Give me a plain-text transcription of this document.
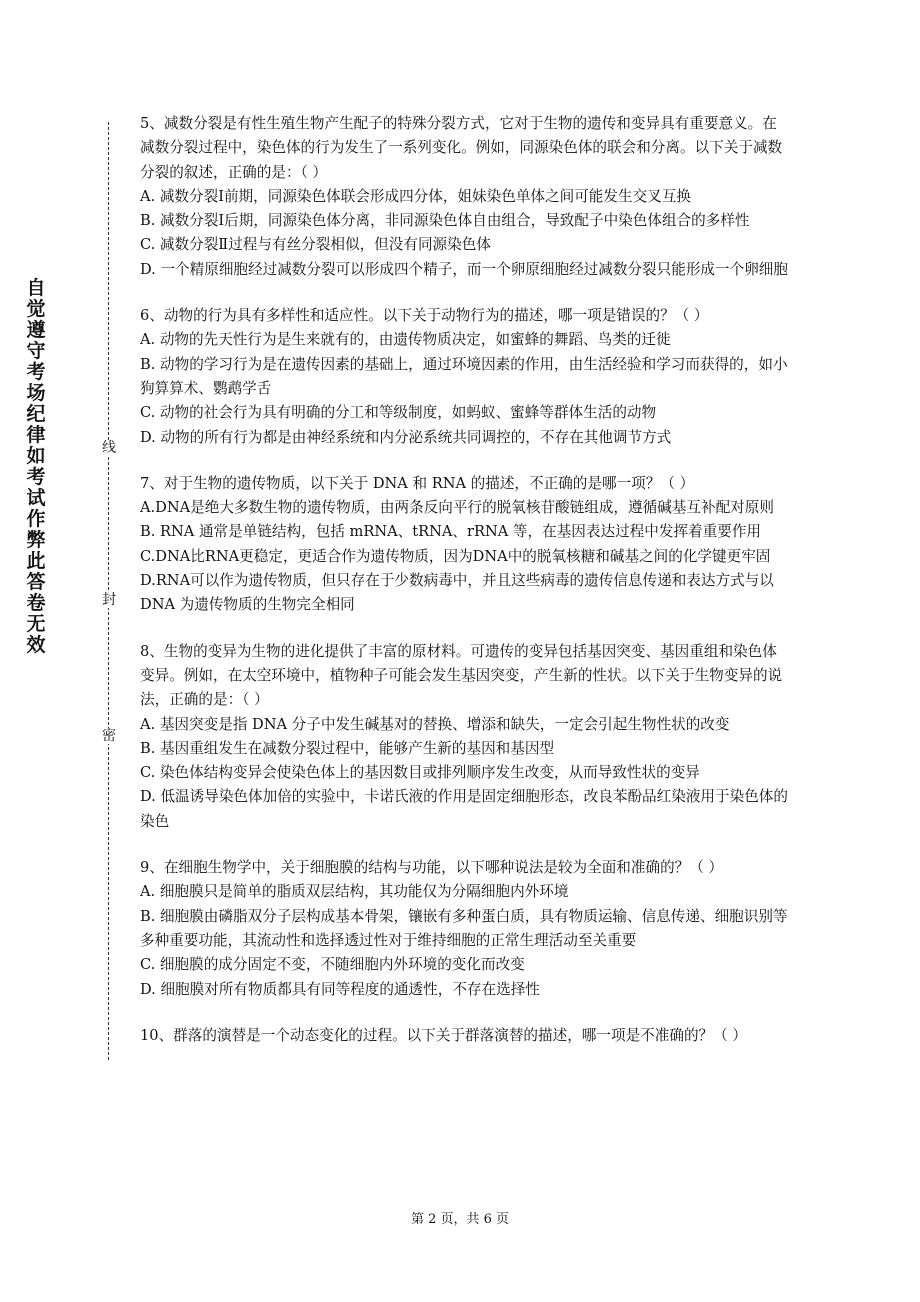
自觉遵守考场纪律如考试作弊此答卷无效
线
封
密

5、减数分裂是有性生殖生物产生配子的特殊分裂方式，它对于生物的遗传和变异具有重要意义。在减数分裂过程中，染色体的行为发生了一系列变化。例如，同源染色体的联会和分离。以下关于减数分裂的叙述，正确的是：（ ）

A. 减数分裂Ⅰ前期，同源染色体联会形成四分体，姐妹染色单体之间可能发生交叉互换

B. 减数分裂Ⅰ后期，同源染色体分离，非同源染色体自由组合，导致配子中染色体组合的多样性

C. 减数分裂Ⅱ过程与有丝分裂相似，但没有同源染色体

D. 一个精原细胞经过减数分裂可以形成四个精子，而一个卵原细胞经过减数分裂只能形成一个卵细胞

6、动物的行为具有多样性和适应性。以下关于动物行为的描述，哪一项是错误的？（ ）

A. 动物的先天性行为是生来就有的，由遗传物质决定，如蜜蜂的舞蹈、鸟类的迁徙

B. 动物的学习行为是在遗传因素的基础上，通过环境因素的作用，由生活经验和学习而获得的，如小狗算算术、鹦鹉学舌

C. 动物的社会行为具有明确的分工和等级制度，如蚂蚁、蜜蜂等群体生活的动物

D. 动物的所有行为都是由神经系统和内分泌系统共同调控的，不存在其他调节方式

7、对于生物的遗传物质，以下关于 DNA 和 RNA 的描述，不正确的是哪一项？（ ）

A.DNA是绝大多数生物的遗传物质，由两条反向平行的脱氧核苷酸链组成，遵循碱基互补配对原则

B. RNA 通常是单链结构，包括 mRNA、tRNA、rRNA 等，在基因表达过程中发挥着重要作用

C.DNA比RNA更稳定，更适合作为遗传物质，因为DNA中的脱氧核糖和碱基之间的化学键更牢固

D.RNA可以作为遗传物质，但只存在于少数病毒中，并且这些病毒的遗传信息传递和表达方式与以 DNA 为遗传物质的生物完全相同

8、生物的变异为生物的进化提供了丰富的原材料。可遗传的变异包括基因突变、基因重组和染色体变异。例如，在太空环境中，植物种子可能会发生基因突变，产生新的性状。以下关于生物变异的说法，正确的是：（ ）

A. 基因突变是指 DNA 分子中发生碱基对的替换、增添和缺失，一定会引起生物性状的改变

B. 基因重组发生在减数分裂过程中，能够产生新的基因和基因型

C. 染色体结构变异会使染色体上的基因数目或排列顺序发生改变，从而导致性状的变异

D. 低温诱导染色体加倍的实验中，卡诺氏液的作用是固定细胞形态，改良苯酚品红染液用于染色体的染色

9、在细胞生物学中，关于细胞膜的结构与功能，以下哪种说法是较为全面和准确的？（ ）

A. 细胞膜只是简单的脂质双层结构，其功能仅为分隔细胞内外环境

B. 细胞膜由磷脂双分子层构成基本骨架，镶嵌有多种蛋白质，具有物质运输、信息传递、细胞识别等多种重要功能，其流动性和选择透过性对于维持细胞的正常生理活动至关重要

C. 细胞膜的成分固定不变，不随细胞内外环境的变化而改变

D. 细胞膜对所有物质都具有同等程度的通透性，不存在选择性

10、群落的演替是一个动态变化的过程。以下关于群落演替的描述，哪一项是不准确的？（ ）

第 2 页，共 6 页
